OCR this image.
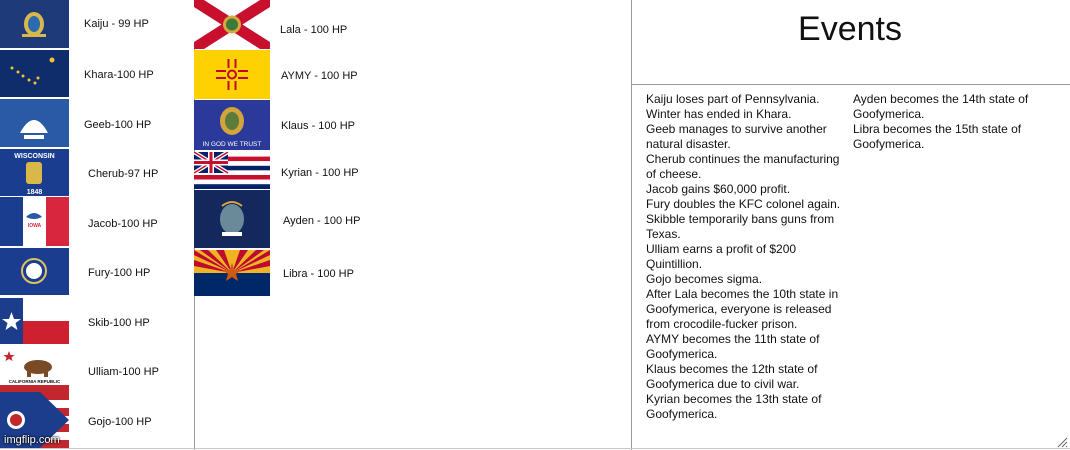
WISCONSIN
1848
IOWA
CALIFORNIA REPUBLIC
Kaiju - 99 HP
Khara-100 HP
Geeb-100 HP
Cherub-97 HP
Jacob-100 HP
Fury-100 HP
Skib-100 HP
Ulliam-100 HP
Gojo-100 HP
IN GOD WE TRUST
Lala - 100 HP
AYMY - 100 HP
Klaus - 100 HP
Kyrian - 100 HP
Ayden - 100 HP
Libra - 100 HP
Events
Kaiju loses part of Pennsylvania.
Winter has ended in Khara.
Geeb manages to survive another natural disaster.
Cherub continues the manufacturing of cheese.
Jacob gains $60,000 profit.
Fury doubles the KFC colonel again.
Skibble temporarily bans guns from Texas.
Ulliam earns a profit of $200 Quintillion.
Gojo becomes sigma.
After Lala becomes the 10th state in Goofymerica, everyone is released from crocodile-fucker prison.
AYMY becomes the 11th state of Goofymerica.
Klaus becomes the 12th state of Goofymerica due to civil war.
Kyrian becomes the 13th state of Goofymerica.
Ayden becomes the 14th state of Goofymerica.
Libra becomes the 15th state of Goofymerica.
imgflip.com
